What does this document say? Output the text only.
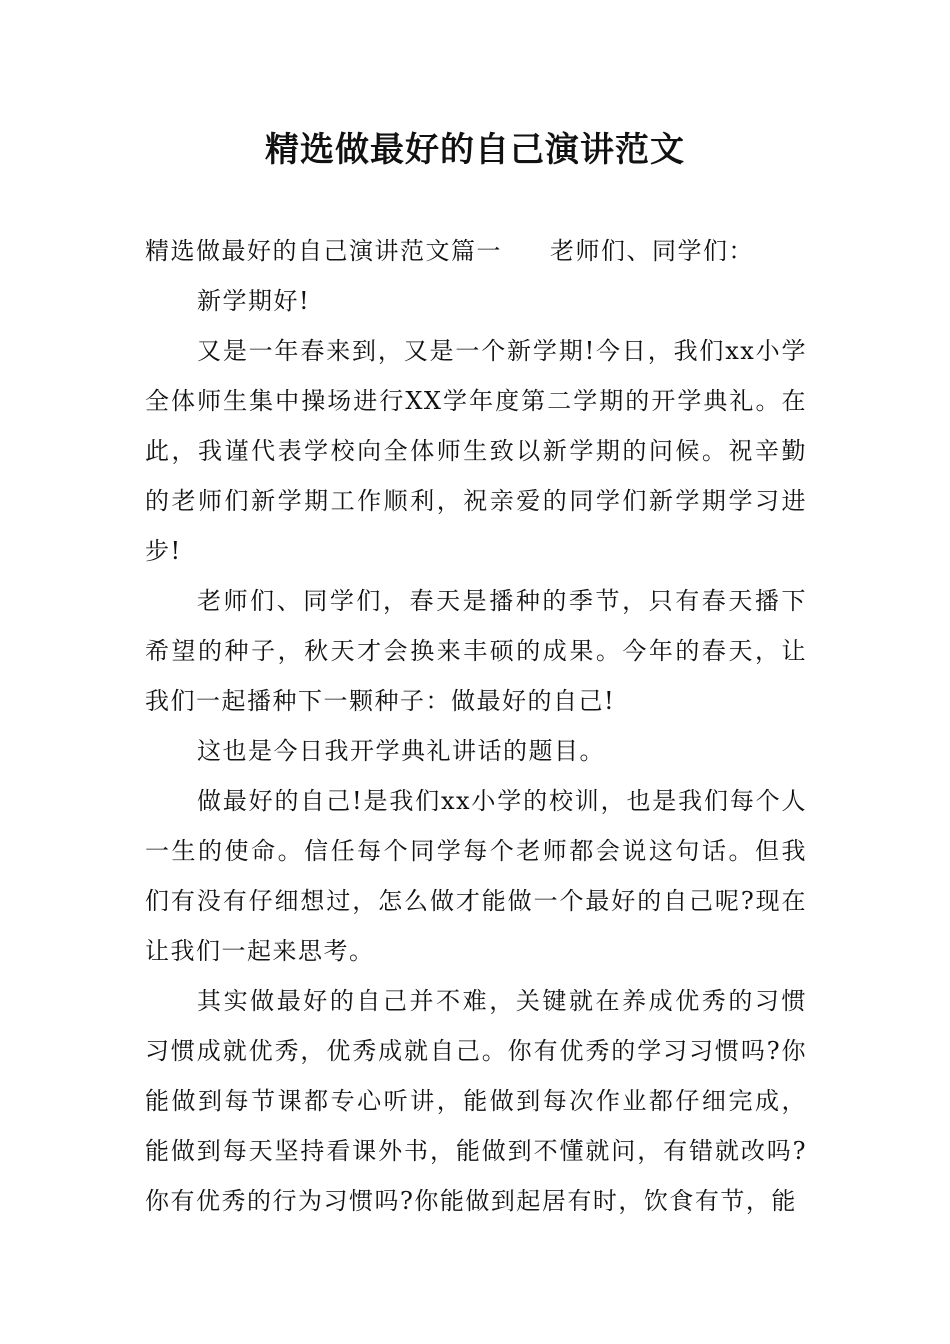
精选做最好的自己演讲范文

精选做最好的自己演讲范文篇一 老师们、同学们：

新学期好!

又是一年春来到，又是一个新学期!今日，我们xx小学全体师生集中操场进行XX学年度第二学期的开学典礼。在此，我谨代表学校向全体师生致以新学期的问候。祝辛勤的老师们新学期工作顺利，祝亲爱的同学们新学期学习进步!

老师们、同学们，春天是播种的季节，只有春天播下希望的种子，秋天才会换来丰硕的成果。今年的春天，让我们一起播种下一颗种子：做最好的自己!

这也是今日我开学典礼讲话的题目。

做最好的自己!是我们xx小学的校训，也是我们每个人一生的使命。信任每个同学每个老师都会说这句话。但我们有没有仔细想过，怎么做才能做一个最好的自己呢?现在让我们一起来思考。

其实做最好的自己并不难，关键就在养成优秀的习惯习惯成就优秀，优秀成就自己。你有优秀的学习习惯吗?你能做到每节课都专心听讲，能做到每次作业都仔细完成，能做到每天坚持看课外书，能做到不懂就问，有错就改吗?你有优秀的行为习惯吗?你能做到起居有时，饮食有节，能
